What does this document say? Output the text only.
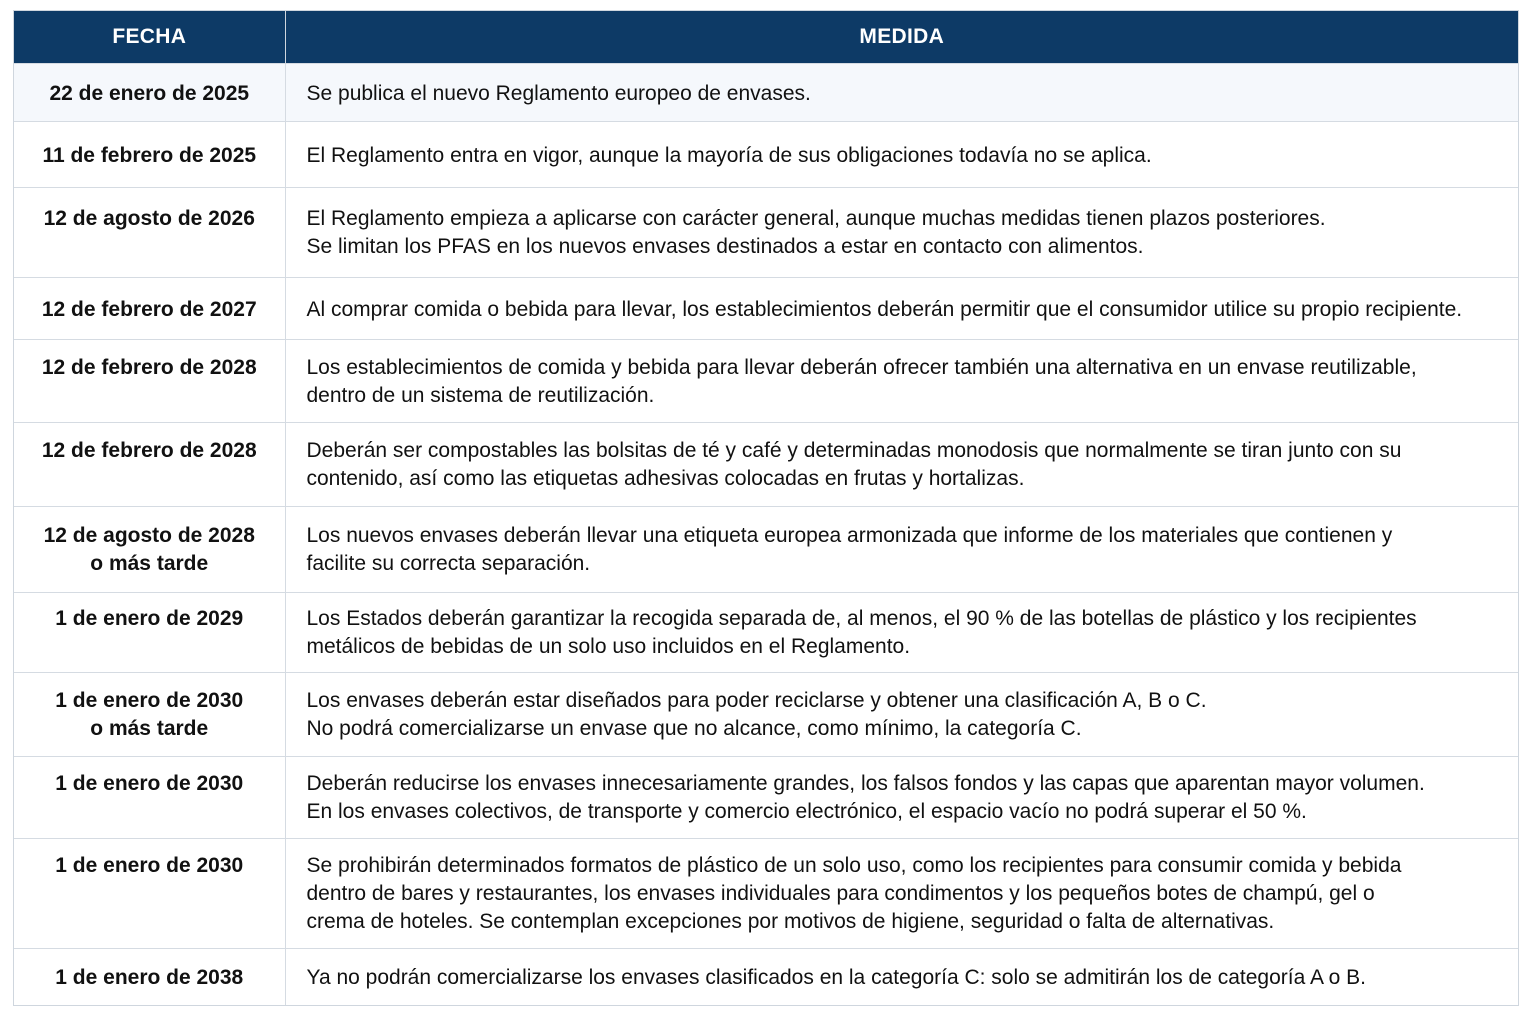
FECHA	MEDIDA

22 de enero de 2025	Se publica el nuevo Reglamento europeo de envases.

11 de febrero de 2025	El Reglamento entra en vigor, aunque la mayoría de sus obligaciones todavía no se aplica.

12 de agosto de 2026	El Reglamento empieza a aplicarse con carácter general, aunque muchas medidas tienen plazos posteriores.
Se limitan los PFAS en los nuevos envases destinados a estar en contacto con alimentos.

12 de febrero de 2027	Al comprar comida o bebida para llevar, los establecimientos deberán permitir que el consumidor utilice su propio recipiente.

12 de febrero de 2028	Los establecimientos de comida y bebida para llevar deberán ofrecer también una alternativa en un envase reutilizable,
dentro de un sistema de reutilización.

12 de febrero de 2028	Deberán ser compostables las bolsitas de té y café y determinadas monodosis que normalmente se tiran junto con su
contenido, así como las etiquetas adhesivas colocadas en frutas y hortalizas.

12 de agosto de 2028
o más tarde	Los nuevos envases deberán llevar una etiqueta europea armonizada que informe de los materiales que contienen y
facilite su correcta separación.

1 de enero de 2029	Los Estados deberán garantizar la recogida separada de, al menos, el 90 % de las botellas de plástico y los recipientes
metálicos de bebidas de un solo uso incluidos en el Reglamento.

1 de enero de 2030
o más tarde	Los envases deberán estar diseñados para poder reciclarse y obtener una clasificación A, B o C.
No podrá comercializarse un envase que no alcance, como mínimo, la categoría C.

1 de enero de 2030	Deberán reducirse los envases innecesariamente grandes, los falsos fondos y las capas que aparentan mayor volumen.
En los envases colectivos, de transporte y comercio electrónico, el espacio vacío no podrá superar el 50 %.

1 de enero de 2030	Se prohibirán determinados formatos de plástico de un solo uso, como los recipientes para consumir comida y bebida
dentro de bares y restaurantes, los envases individuales para condimentos y los pequeños botes de champú, gel o
crema de hoteles. Se contemplan excepciones por motivos de higiene, seguridad o falta de alternativas.

1 de enero de 2038	Ya no podrán comercializarse los envases clasificados en la categoría C: solo se admitirán los de categoría A o B.
